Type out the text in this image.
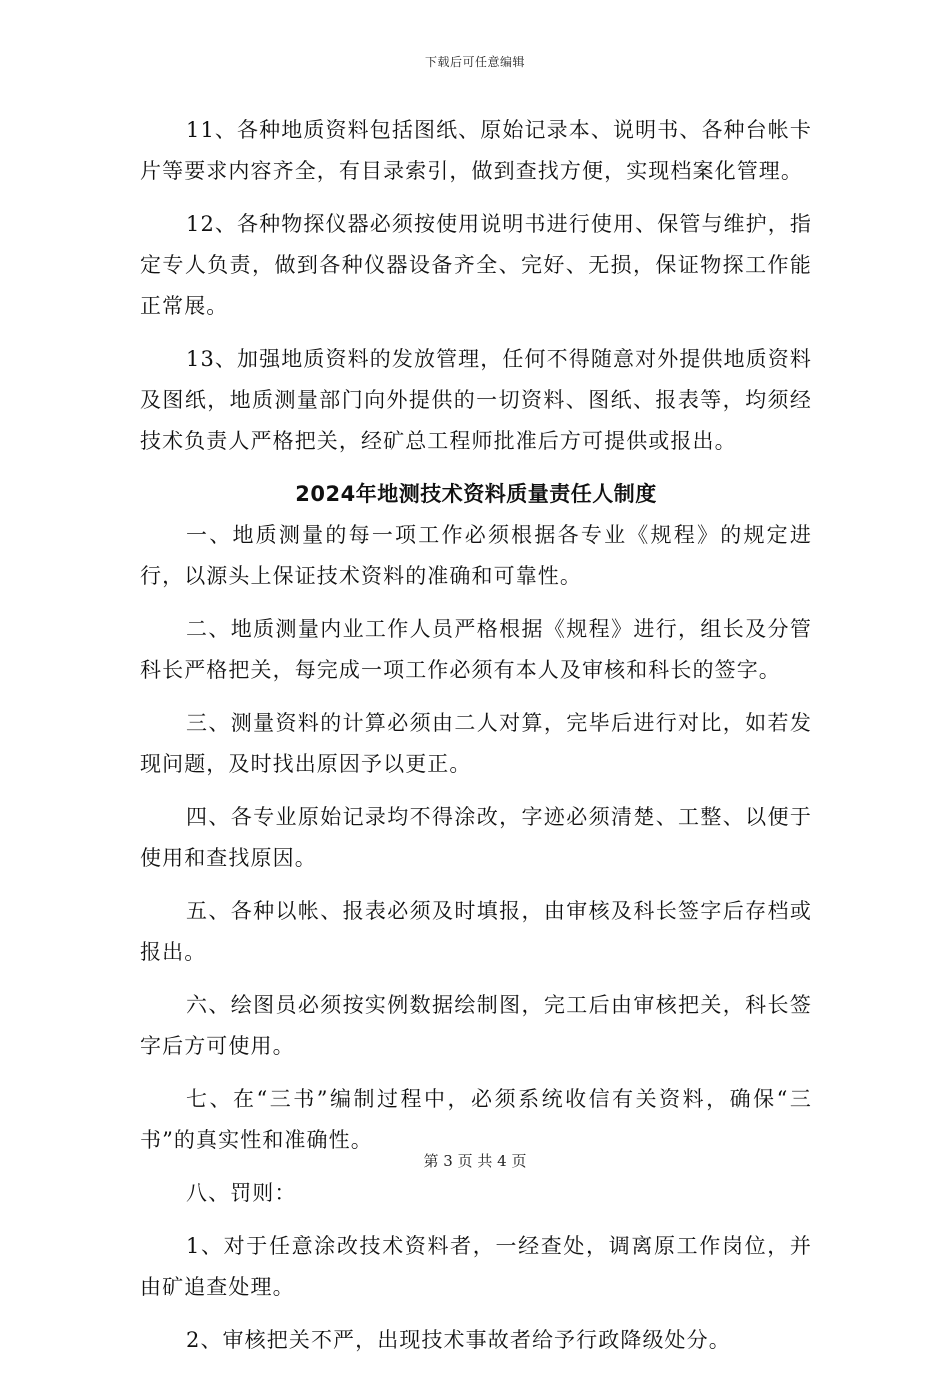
下载后可任意编辑

11、各种地质资料包括图纸、原始记录本、说明书、各种台帐卡片等要求内容齐全，有目录索引，做到查找方便，实现档案化管理。

12、各种物探仪器必须按使用说明书进行使用、保管与维护，指定专人负责，做到各种仪器设备齐全、完好、无损，保证物探工作能正常展。

13、加强地质资料的发放管理，任何不得随意对外提供地质资料及图纸，地质测量部门向外提供的一切资料、图纸、报表等，均须经技术负责人严格把关，经矿总工程师批准后方可提供或报出。

2024年地测技术资料质量责任人制度

一、地质测量的每一项工作必须根据各专业《规程》的规定进行，以源头上保证技术资料的准确和可靠性。

二、地质测量内业工作人员严格根据《规程》进行，组长及分管科长严格把关，每完成一项工作必须有本人及审核和科长的签字。

三、测量资料的计算必须由二人对算，完毕后进行对比，如若发现问题，及时找出原因予以更正。

四、各专业原始记录均不得涂改，字迹必须清楚、工整、以便于使用和查找原因。

五、各种以帐、报表必须及时填报，由审核及科长签字后存档或报出。

六、绘图员必须按实例数据绘制图，完工后由审核把关，科长签字后方可使用。

七、在“三书”编制过程中，必须系统收信有关资料，确保“三书”的真实性和准确性。

八、罚则：

1、对于任意涂改技术资料者，一经查处，调离原工作岗位，并由矿追查处理。

2、审核把关不严，出现技术事故者给予行政降级处分。

第 3 页 共 4 页
